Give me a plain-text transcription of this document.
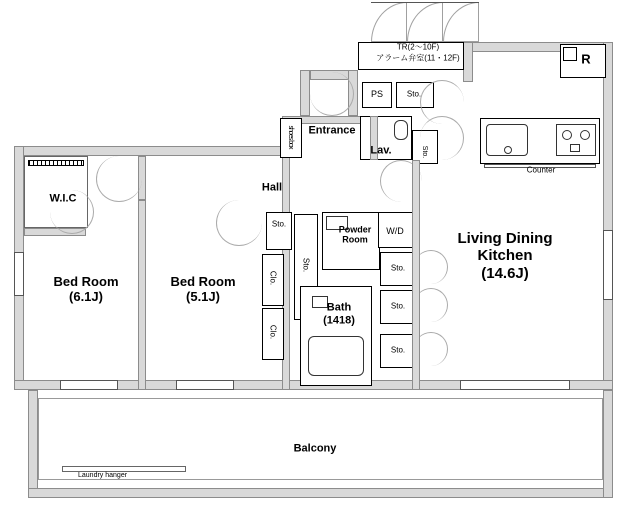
TR(2〜10F)
アラーム弁室(11・12F)
PS	Sto.
R
Counter
shoes box
Sto.
Sto.
Sto.
W/D
Sto.
Sto.
Sto.
Clo.
Clo.
Laundry hanger
Living Dining
Kitchen
(14.6J)
Bed Room
(6.1J)
Bed Room
(5.1J)
Bath
(1418)
Powder
Room
Balcony
Entrance
Hall
W.I.C
Lav.
